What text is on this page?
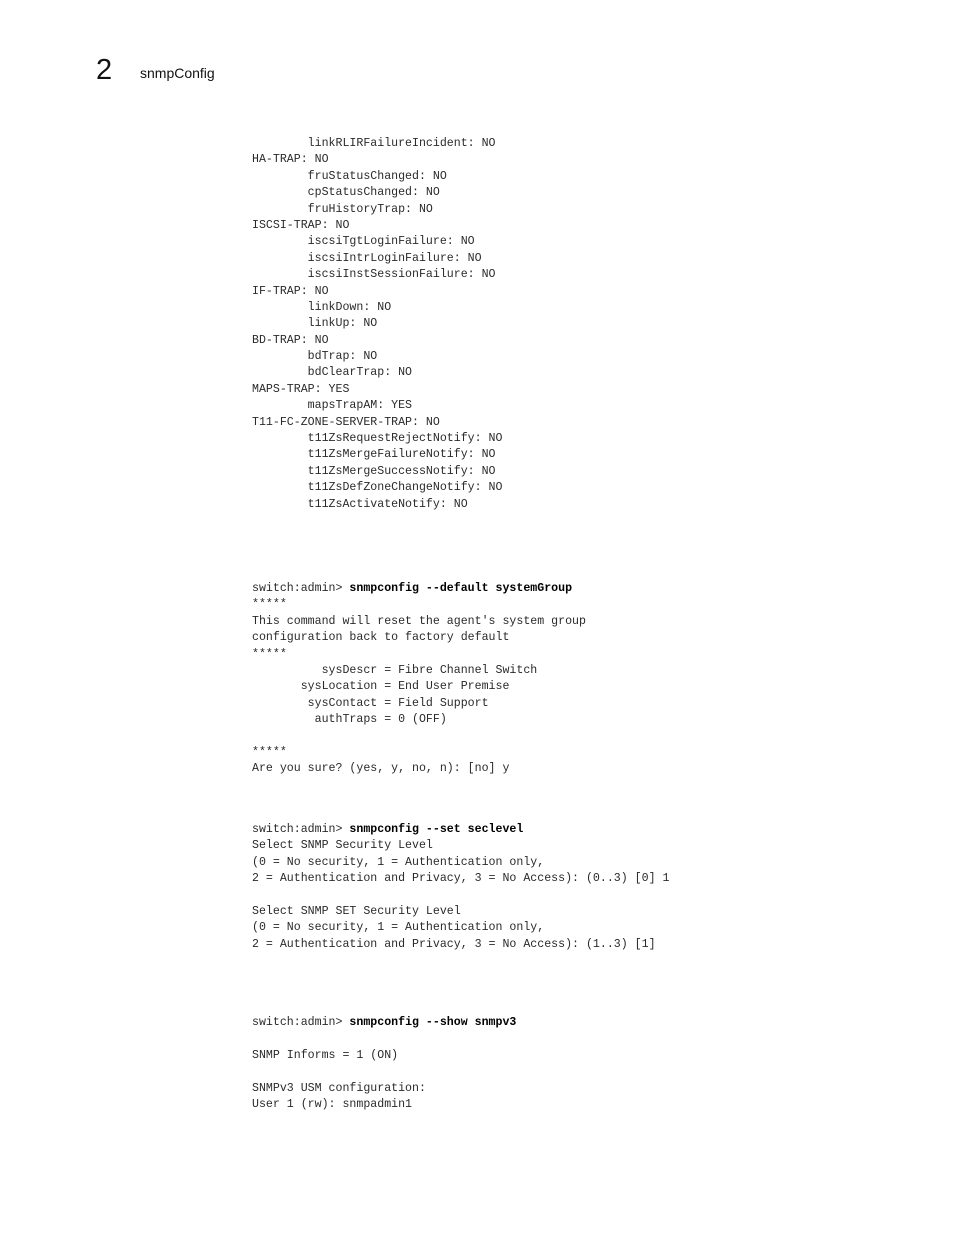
2 snmpConfig
linkRLIRFailureIncident: NO
HA-TRAP: NO
fruStatusChanged: NO
cpStatusChanged: NO
fruHistoryTrap: NO
ISCSI-TRAP: NO
iscsiTgtLoginFailure: NO
iscsiIntrLoginFailure: NO
iscsiInstSessionFailure: NO
IF-TRAP: NO
linkDown: NO
linkUp: NO
BD-TRAP: NO
bdTrap: NO
bdClearTrap: NO
MAPS-TRAP: YES
mapsTrapAM: YES
T11-FC-ZONE-SERVER-TRAP: NO
t11ZsRequestRejectNotify: NO
t11ZsMergeFailureNotify: NO
t11ZsMergeSuccessNotify: NO
t11ZsDefZoneChangeNotify: NO
t11ZsActivateNotify: NO
switch:admin> snmpconfig --default systemGroup
*****
This command will reset the agent's system group
configuration back to factory default
*****
sysDescr = Fibre Channel Switch
sysLocation = End User Premise
sysContact = Field Support
authTraps = 0 (OFF)
*****
Are you sure? (yes, y, no, n): [no] y
switch:admin> snmpconfig --set seclevel
Select SNMP Security Level
(0 = No security, 1 = Authentication only,
2 = Authentication and Privacy, 3 = No Access): (0..3) [0] 1
Select SNMP SET Security Level
(0 = No security, 1 = Authentication only,
2 = Authentication and Privacy, 3 = No Access): (1..3) [1]
switch:admin> snmpconfig --show snmpv3
SNMP Informs = 1 (ON)
SNMPv3 USM configuration:
User 1 (rw): snmpadmin1
